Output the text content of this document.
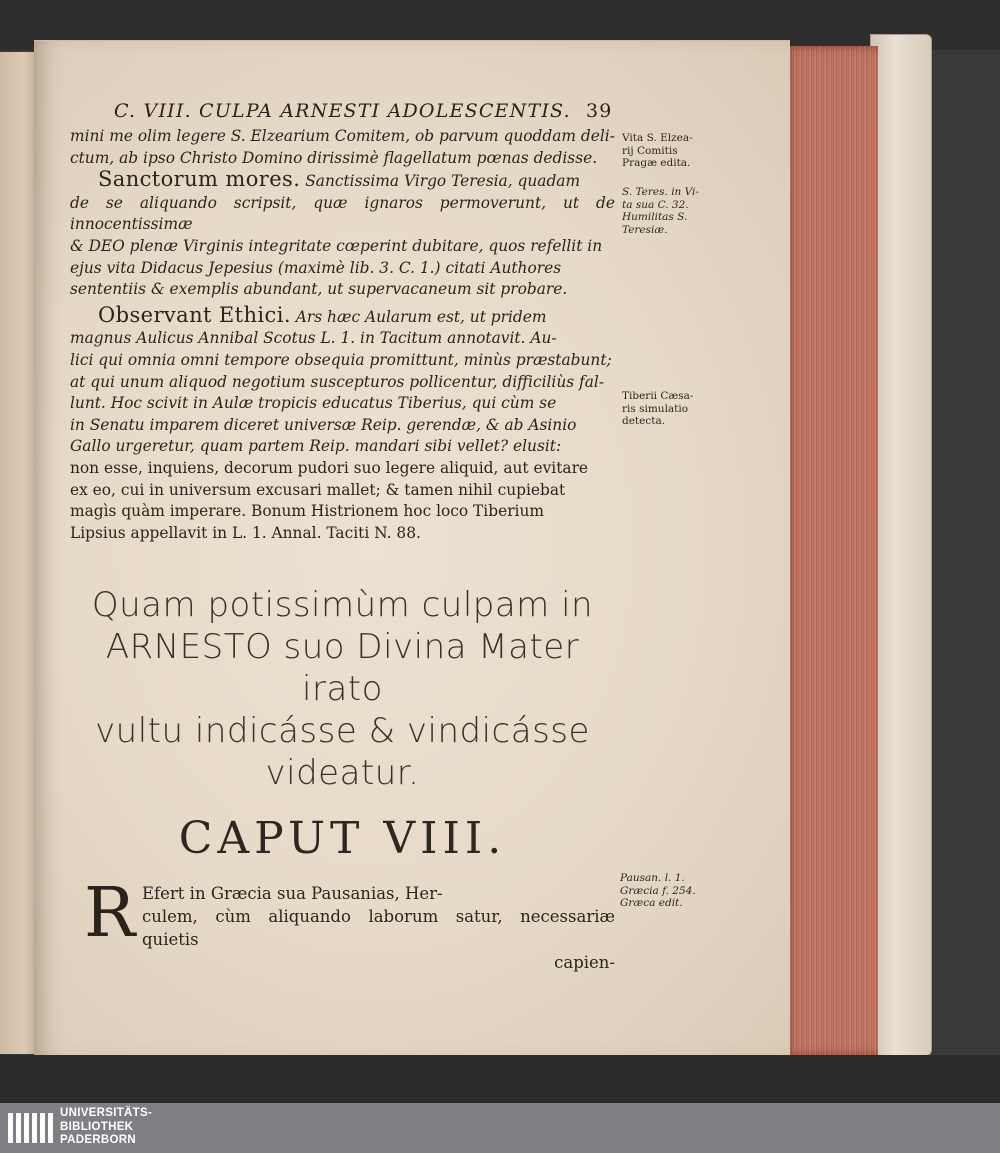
C. VIII. CULPA ARNESTI ADOLESCENTIS. 39

mini me olim legere S. Elzearium Comitem, ob parvum quoddam deli-

ctum, ab ipso Christo Domino dirissimè flagellatum pœnas dedisse.

Sanctorum mores. Sanctissima Virgo Teresia, quadam

de se aliquando scripsit, quæ ignaros permoverunt, ut de innocentissimæ

& DEO plenæ Virginis integritate cœperint dubitare, quos refellit in

ejus vita Didacus Jepesius (maximè lib. 3. C. 1.) citati Authores

sententiis & exemplis abundant, ut supervacaneum sit probare.

Observant Ethici. Ars hæc Aularum est, ut pridem

magnus Aulicus Annibal Scotus L. 1. in Tacitum annotavit. Au-

lici qui omnia omni tempore obsequia promittunt, minùs præstabunt;

at qui unum aliquod negotium suscepturos pollicentur, difficiliùs fal-

lunt. Hoc scivit in Aulæ tropicis educatus Tiberius, qui cùm se

in Senatu imparem diceret universæ Reip. gerendæ, & ab Asinio

Gallo urgeretur, quam partem Reip. mandari sibi vellet? elusit:

non esse, inquiens, decorum pudori suo legere aliquid, aut evitare

ex eo, cui in universum excusari mallet; & tamen nihil cupiebat

magìs quàm imperare. Bonum Histrionem hoc loco Tiberium

Lipsius appellavit in L. 1. Annal. Taciti N. 88.

Quam potissimùm culpam in
ARNESTO suo Divina Mater irato
vultu indicásse & vindicásse
videatur.
CAPUT VIII.
R Efert in Græcia sua Pausanias, Her-
culem, cùm aliquando laborum satur, necessariæ quietis
capien-
Vita S. Elzea-
rij Comitis
Pragæ edita.
S. Teres. in Vi-
ta sua C. 32.
Humilitas S.
Teresiæ.
Tiberii Cæsa-
ris simulatio
detecta.
Pausan. l. 1.
Græcia f. 254.
Græca edit.
UNIVERSITÄTS-
BIBLIOTHEK
PADERBORN
